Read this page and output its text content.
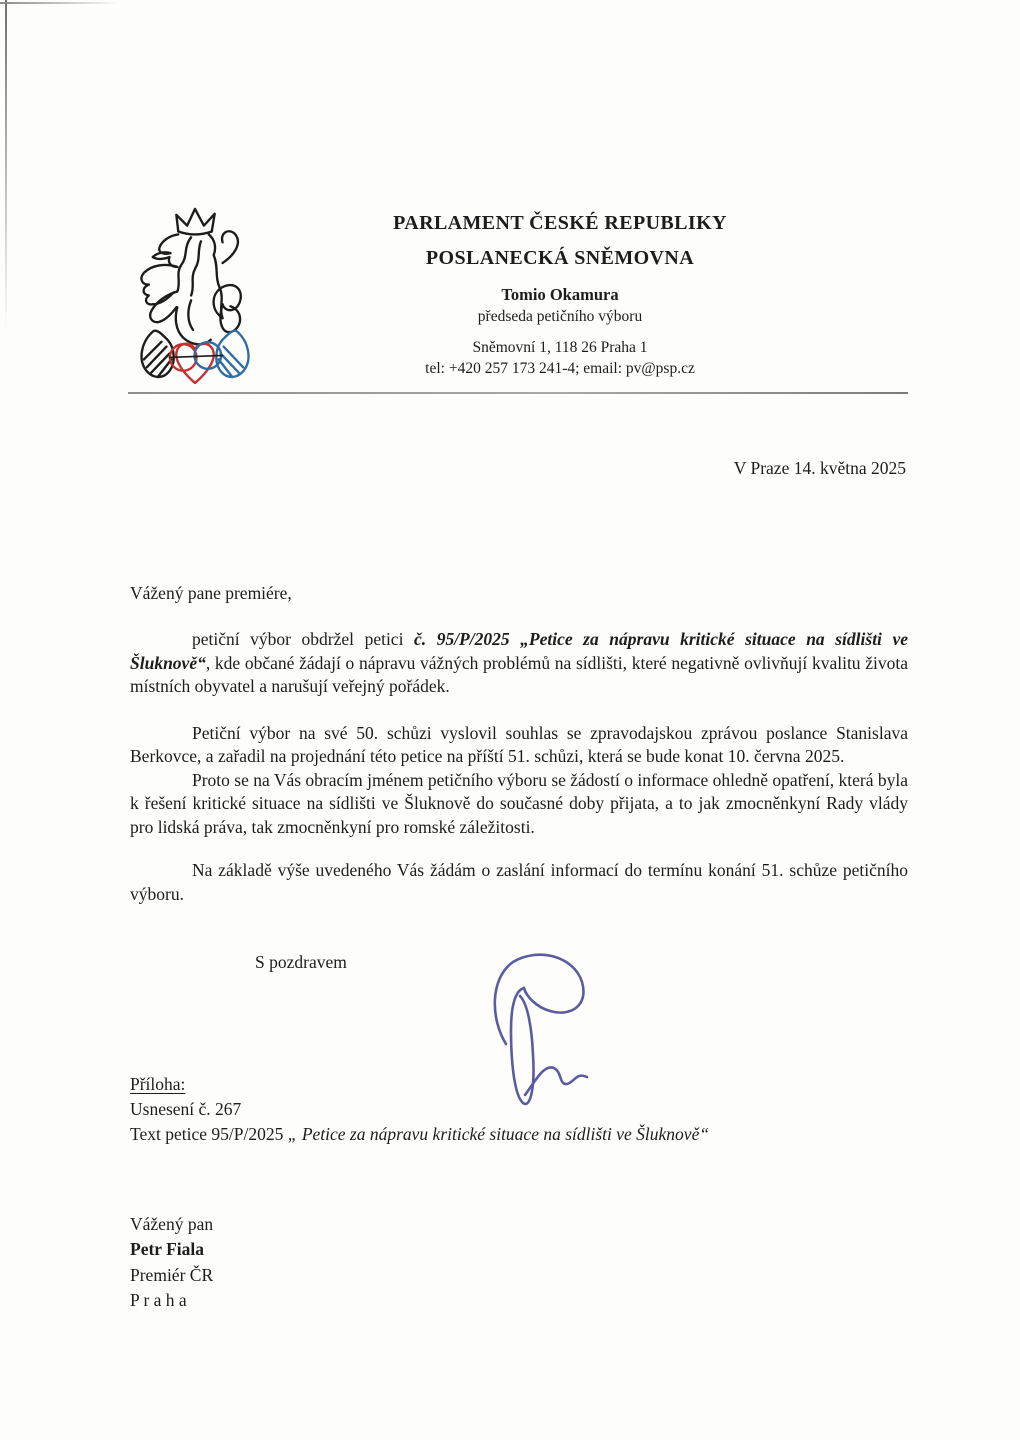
PARLAMENT ČESKÉ REPUBLIKY
POSLANECKÁ SNĚMOVNA
Tomio Okamura
předseda petičního výboru
Sněmovní 1, 118 26 Praha 1
tel: +420 257 173 241-4; email: pv@psp.cz
V Praze 14. května 2025
Vážený pane premiére,

petiční výbor obdržel petici č. 95/P/2025 „Petice za nápravu kritické situace na sídlišti ve Šluknově“, kde občané žádají o nápravu vážných problémů na sídlišti, které negativně ovlivňují kvalitu života místních obyvatel a narušují veřejný pořádek.

Petiční výbor na své 50. schůzi vyslovil souhlas se zpravodajskou zprávou poslance Stanislava Berkovce, a zařadil na projednání této petice na příští 51. schůzi, která se bude konat 10. června 2025.

Proto se na Vás obracím jménem petičního výboru se žádostí o informace ohledně opatření, která byla k řešení kritické situace na sídlišti ve Šluknově do současné doby přijata, a to jak zmocněnkyní Rady vlády pro lidská práva, tak zmocněnkyní pro romské záležitosti.

Na základě výše uvedeného Vás žádám o zaslání informací do termínu konání 51. schůze petičního výboru.

S pozdravem
Příloha:
Usnesení č. 267
Text petice 95/P/2025 „ Petice za nápravu kritické situace na sídlišti ve Šluknově“
Vážený pan
Petr Fiala
Premiér ČR
P r a h a
